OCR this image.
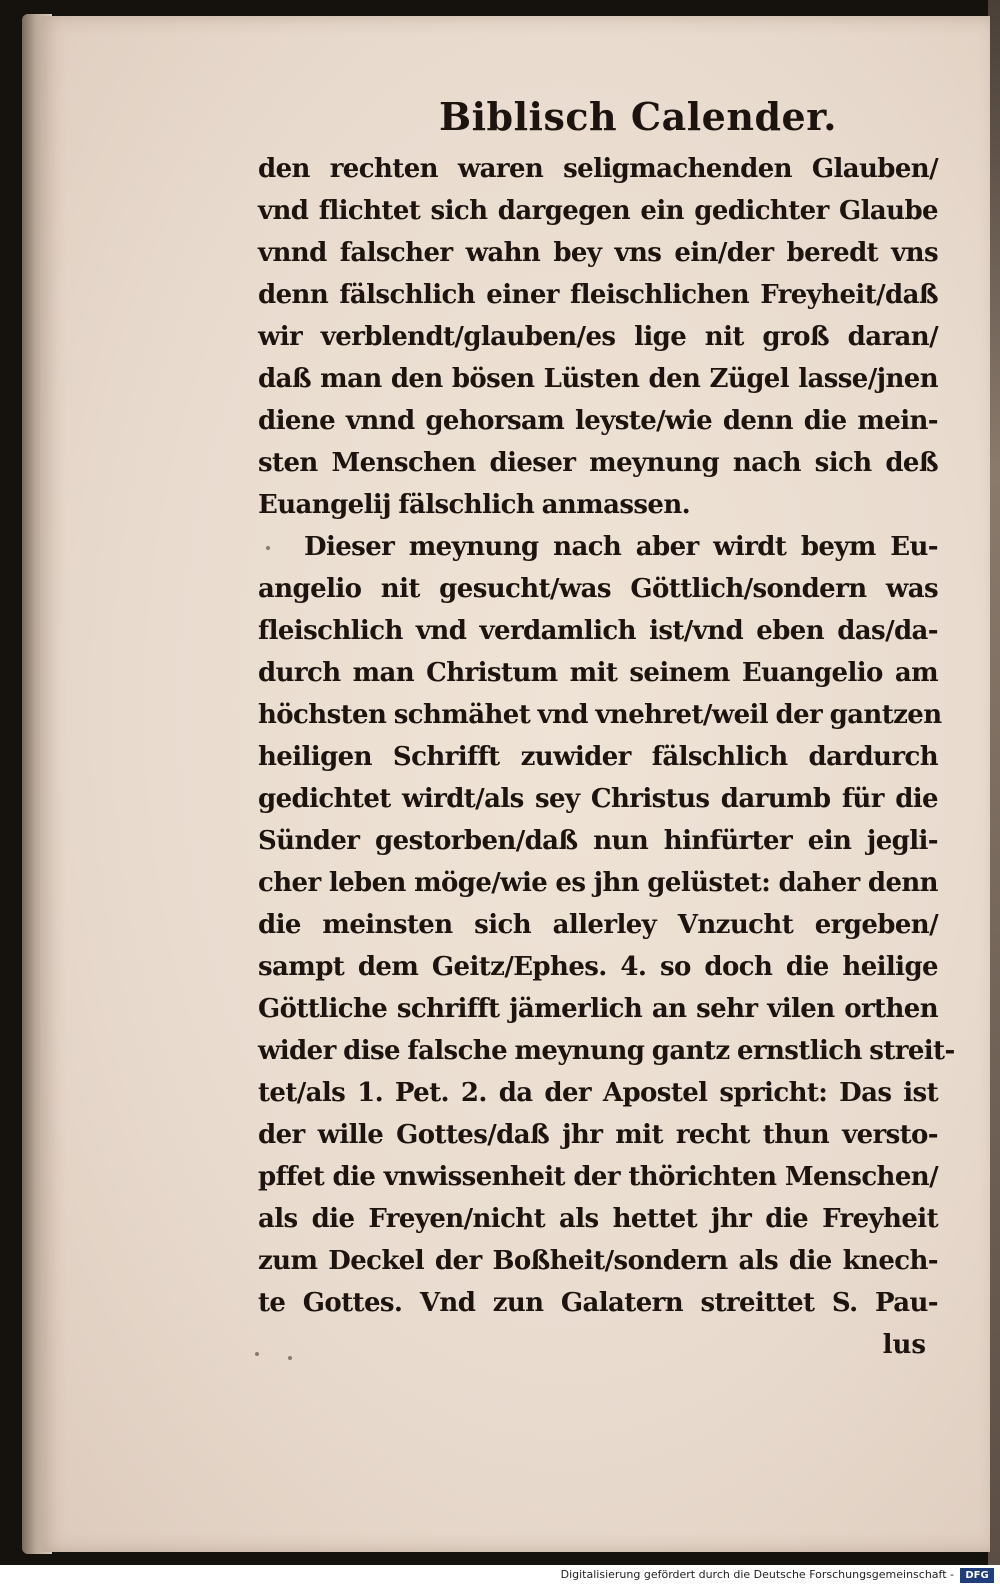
Biblisch Calender.
den rechten waren seligmachenden Glauben/
vnd flichtet sich dargegen ein gedichter Glaube
vnnd falscher wahn bey vns ein/der beredt vns
denn fälschlich einer fleischlichen Freyheit/daß
wir verblendt/glauben/es lige nit groß daran/
daß man den bösen Lüsten den Zügel lasse/jnen
diene vnnd gehorsam leyste/wie denn die mein-
sten Menschen dieser meynung nach sich deß
Euangelij fälschlich anmassen.
Dieser meynung nach aber wirdt beym Eu-
angelio nit gesucht/was Göttlich/sondern was
fleischlich vnd verdamlich ist/vnd eben das/da-
durch man Christum mit seinem Euangelio am
höchsten schmähet vnd vnehret/weil der gantzen
heiligen Schrifft zuwider fälschlich dardurch
gedichtet wirdt/als sey Christus darumb für die
Sünder gestorben/daß nun hinfürter ein jegli-
cher leben möge/wie es jhn gelüstet: daher denn
die meinsten sich allerley Vnzucht ergeben/
sampt dem Geitz/Ephes. 4. so doch die heilige
Göttliche schrifft jämerlich an sehr vilen orthen
wider dise falsche meynung gantz ernstlich streit-
tet/als 1. Pet. 2. da der Apostel spricht: Das ist
der wille Gottes/daß jhr mit recht thun versto-
pffet die vnwissenheit der thörichten Menschen/
als die Freyen/nicht als hettet jhr die Freyheit
zum Deckel der Boßheit/sondern als die knech-
te Gottes. Vnd zun Galatern streittet S. Pau-
lus
Digitalisierung gefördert durch die Deutsche Forschungsgemeinschaft -	DFG
